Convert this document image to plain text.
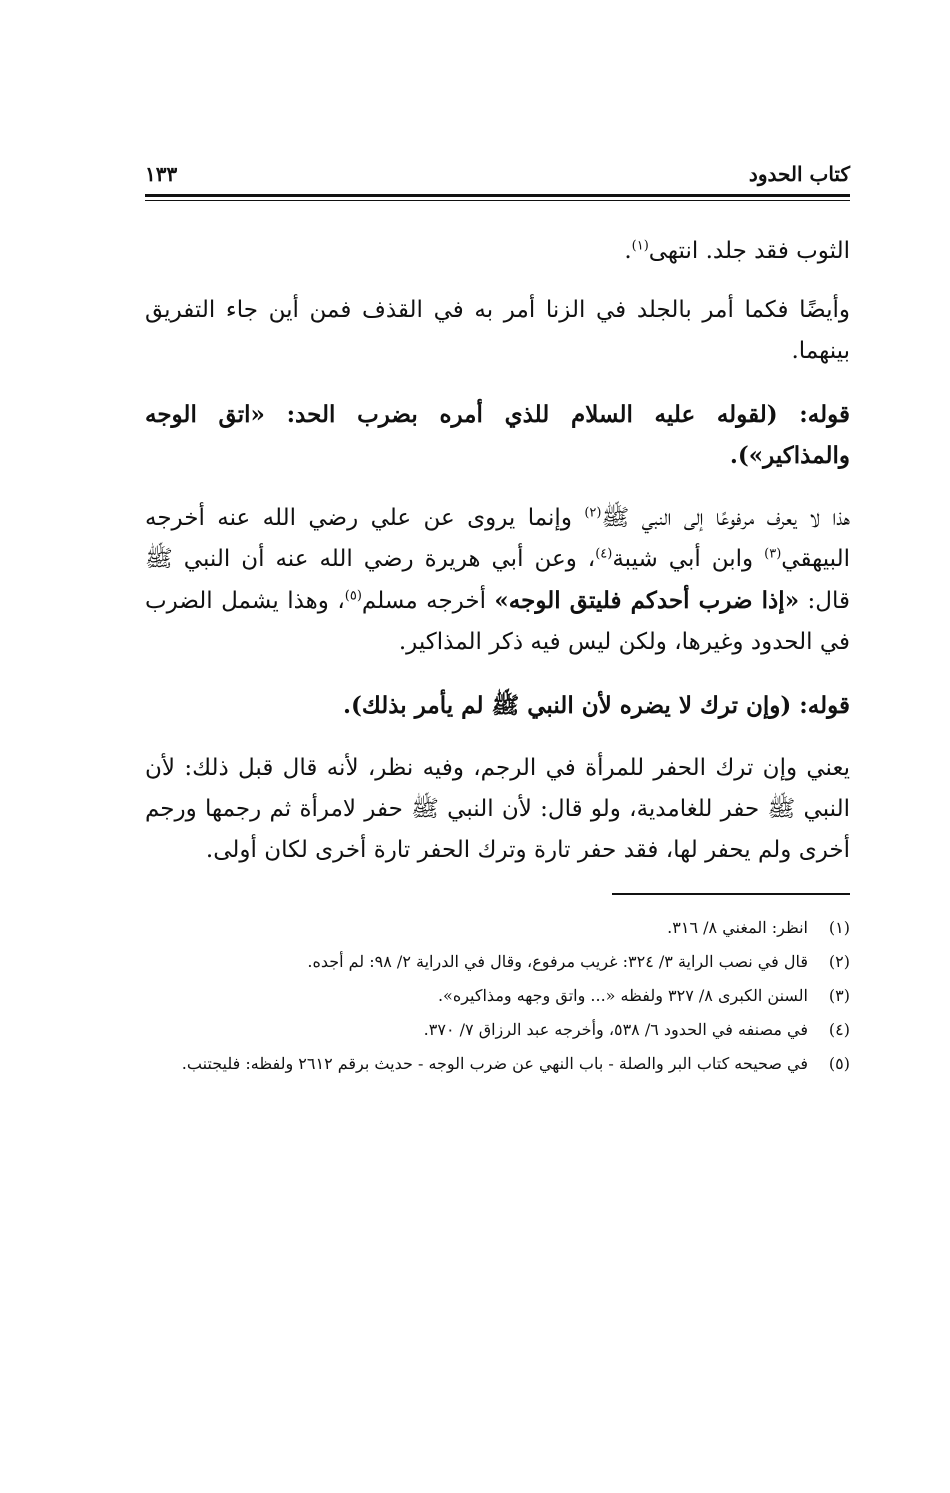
كتاب الحدود
١٣٣

الثوب فقد جلد. انتهى$^{(١)}$.

وأيضًا فكما أمر بالجلد في الزنا أمر به في القذف فمن أين جاء التفريق بينهما.

قوله: (لقوله عليه السلام للذي أمره بضرب الحد: «اتق الوجه والمذاكير»).

هذا لا يعرف مرفوعًا إلى النبي ﷺ$^{(٢)}$ وإنما يروى عن علي رضي الله عنه أخرجه البيهقي$^{(٣)}$ وابن أبي شيبة$^{(٤)}$، وعن أبي هريرة رضي الله عنه أن النبي ﷺ قال: «إذا ضرب أحدكم فليتق الوجه» أخرجه مسلم$^{(٥)}$، وهذا يشمل الضرب في الحدود وغيرها، ولكن ليس فيه ذكر المذاكير.

قوله: (وإن ترك لا يضره لأن النبي ﷺ لم يأمر بذلك).

يعني وإن ترك الحفر للمرأة في الرجم، وفيه نظر، لأنه قال قبل ذلك: لأن النبي ﷺ حفر للغامدية، ولو قال: لأن النبي ﷺ حفر لامرأة ثم رجمها ورجم أخرى ولم يحفر لها، فقد حفر تارة وترك الحفر تارة أخرى لكان أولى.

(١)
انظر: المغني ٨/ ٣١٦.
(٢)
قال في نصب الراية ٣/ ٣٢٤: غريب مرفوع، وقال في الدراية ٢/ ٩٨: لم أجده.
(٣)
السنن الكبرى ٨/ ٣٢٧ ولفظه «... واتق وجهه ومذاكيره».
(٤)
في مصنفه في الحدود ٦/ ٥٣٨، وأخرجه عبد الرزاق ٧/ ٣٧٠.
(٥)
في صحيحه كتاب البر والصلة - باب النهي عن ضرب الوجه - حديث برقم ٢٦١٢ ولفظه: فليجتنب.
